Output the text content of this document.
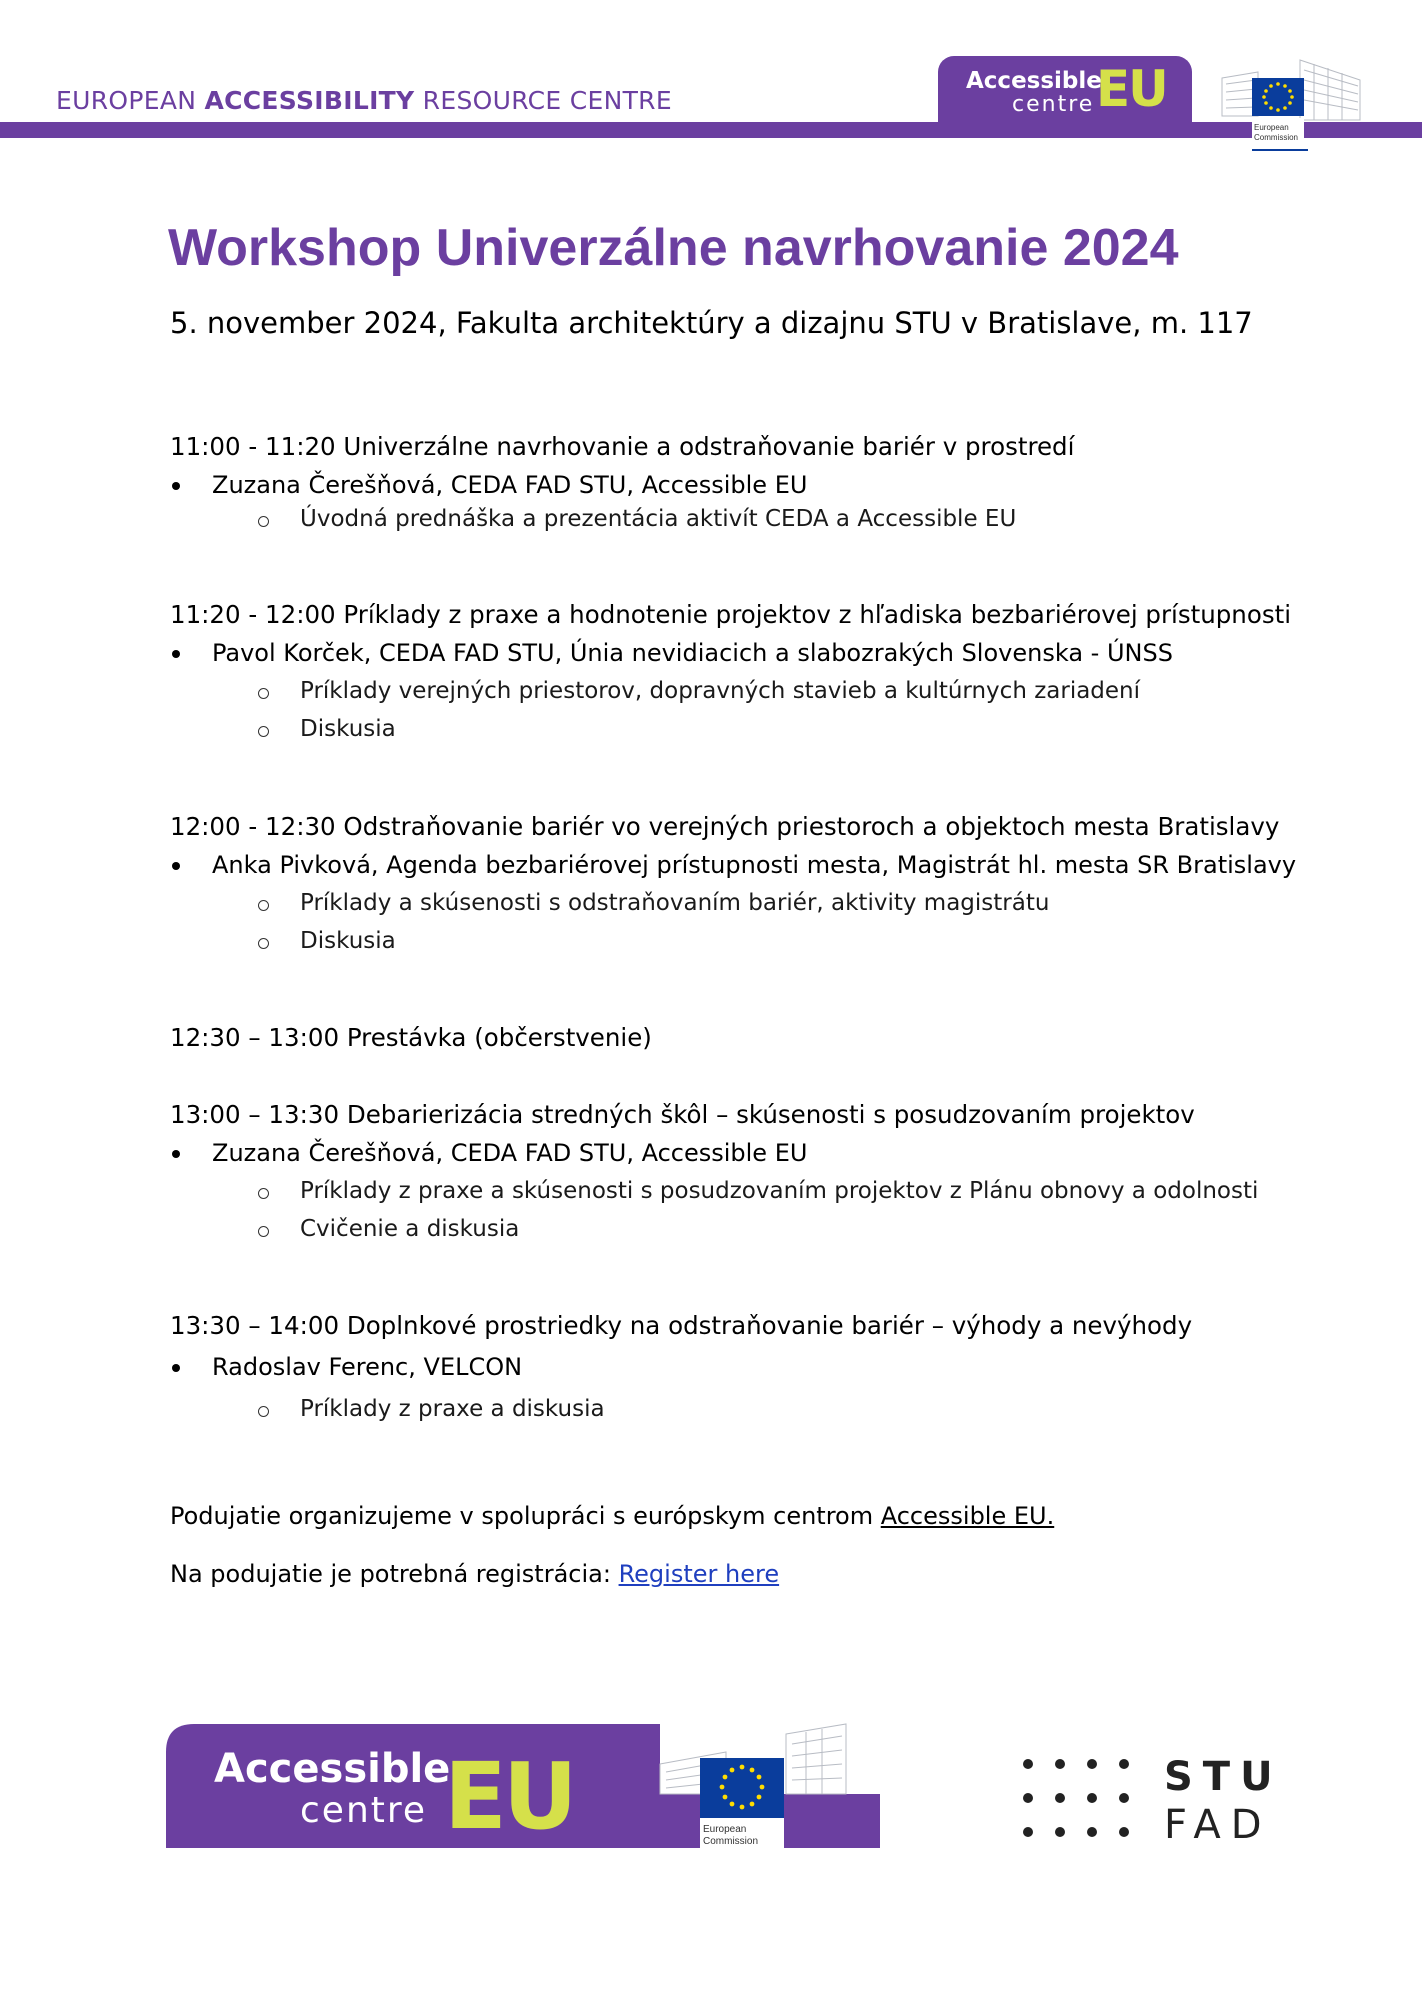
EUROPEAN ACCESSIBILITY RESOURCE CENTRE
Accessible
centre EU
European
Commission
Workshop Univerzálne navrhovanie 2024
5. november 2024, Fakulta architektúry a dizajnu STU v Bratislave, m. 117
11:00 - 11:20 Univerzálne navrhovanie a odstraňovanie bariér v prostredí
Zuzana Čerešňová, CEDA FAD STU, Accessible EU
Úvodná prednáška a prezentácia aktivít CEDA a Accessible EU
11:20 - 12:00 Príklady z praxe a hodnotenie projektov z hľadiska bezbariérovej prístupnosti
Pavol Korček, CEDA FAD STU, Únia nevidiacich a slabozrakých Slovenska - ÚNSS
Príklady verejných priestorov, dopravných stavieb a kultúrnych zariadení
Diskusia
12:00 - 12:30 Odstraňovanie bariér vo verejných priestoroch a objektoch mesta Bratislavy
Anka Pivková, Agenda bezbariérovej prístupnosti mesta, Magistrát hl. mesta SR Bratislavy
Príklady a skúsenosti s odstraňovaním bariér, aktivity magistrátu
Diskusia
12:30 – 13:00 Prestávka (občerstvenie)
13:00 – 13:30 Debarierizácia stredných škôl – skúsenosti s posudzovaním projektov
Zuzana Čerešňová, CEDA FAD STU, Accessible EU
Príklady z praxe a skúsenosti s posudzovaním projektov z Plánu obnovy a odolnosti
Cvičenie a diskusia
13:30 – 14:00 Doplnkové prostriedky na odstraňovanie bariér – výhody a nevýhody
Radoslav Ferenc, VELCON
Príklady z praxe a diskusia
Podujatie organizujeme v spolupráci s európskym centrom Accessible EU.
Na podujatie je potrebná registrácia: Register here
European
Commission
Accessible
centre EU	STU
FAD
